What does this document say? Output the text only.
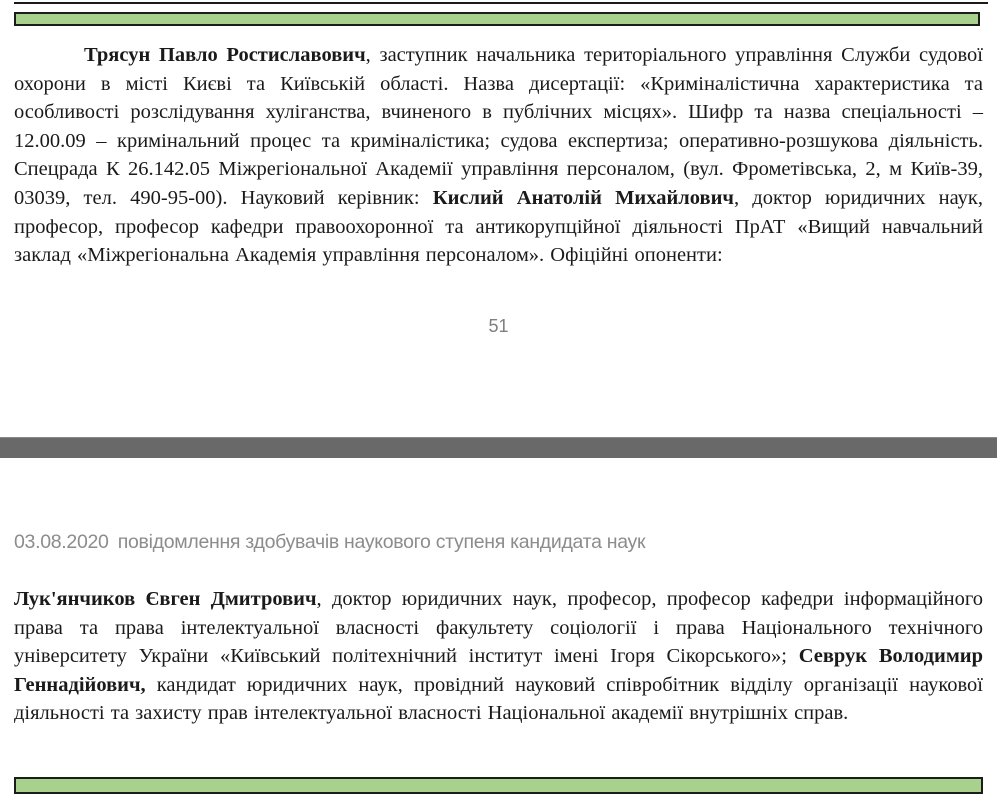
Трясун Павло Ростиславович, заступник начальника територіального управління Служби судової охорони в місті Києві та Київській області. Назва дисертації: «Криміналістична характеристика та особливості розслідування хуліганства, вчиненого в публічних місцях». Шифр та назва спеціальності – 12.00.09 – кримінальний процес та криміналістика; судова експертиза; оперативно-розшукова діяльність. Спецрада К 26.142.05 Міжрегіональної Академії управління персоналом, (вул. Фрометівська, 2, м Київ-39, 03039, тел. 490-95-00). Науковий керівник: Кислий Анатолій Михайлович, доктор юридичних наук, професор, професор кафедри правоохоронної та антикорупційної діяльності ПрАТ «Вищий навчальний заклад «Міжрегіональна Академія управління персоналом». Офіційні опоненти:

51
03.08.2020 повідомлення здобувачів наукового ступеня кандидата наук

Лук'янчиков Євген Дмитрович, доктор юридичних наук, професор, професор кафедри інформаційного права та права інтелектуальної власності факультету соціології і права Національного технічного університету України «Київський політехнічний інститут імені Ігоря Сікорського»; Севрук Володимир Геннадійович, кандидат юридичних наук, провідний науковий співробітник відділу організації наукової діяльності та захисту прав інтелектуальної власності Національної академії внутрішніх справ.
